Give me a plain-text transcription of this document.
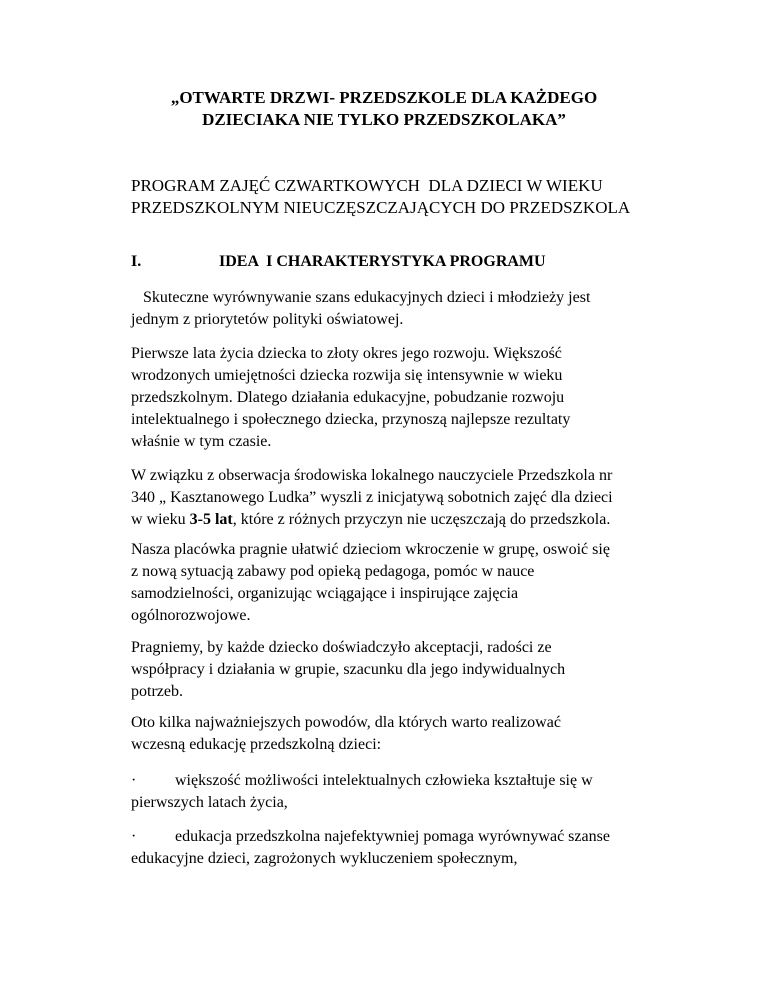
„OTWARTE DRZWI- PRZEDSZKOLE DLA KAŻDEGO
DZIECIAKA NIE TYLKO PRZEDSZKOLAKA”
PROGRAM ZAJĘĆ CZWARTKOWYCH  DLA DZIECI W WIEKU
PRZEDSZKOLNYM NIEUCZĘSZCZAJĄCYCH DO PRZEDSZKOLA
I.	IDEA  I CHARAKTERYSTYKA PROGRAMU
Skuteczne wyrównywanie szans edukacyjnych dzieci i młodzieży jest
jednym z priorytetów polityki oświatowej.
Pierwsze lata życia dziecka to złoty okres jego rozwoju. Większość
wrodzonych umiejętności dziecka rozwija się intensywnie w wieku
przedszkolnym. Dlatego działania edukacyjne, pobudzanie rozwoju
intelektualnego i społecznego dziecka, przynoszą najlepsze rezultaty
właśnie w tym czasie.
W związku z obserwacja środowiska lokalnego nauczyciele Przedszkola nr
340 „ Kasztanowego Ludka” wyszli z inicjatywą sobotnich zajęć dla dzieci
w wieku 3-5 lat, które z różnych przyczyn nie uczęszczają do przedszkola.
Nasza placówka pragnie ułatwić dzieciom wkroczenie w grupę, oswoić się
z nową sytuacją zabawy pod opieką pedagoga, pomóc w nauce
samodzielności, organizując wciągające i inspirujące zajęcia
ogólnorozwojowe.
Pragniemy, by każde dziecko doświadczyło akceptacji, radości ze
współpracy i działania w grupie, szacunku dla jego indywidualnych
potrzeb.
Oto kilka najważniejszych powodów, dla których warto realizować
wczesną edukację przedszkolną dzieci:
· większość możliwości intelektualnych człowieka kształtuje się w
pierwszych latach życia,
· edukacja przedszkolna najefektywniej pomaga wyrównywać szanse
edukacyjne dzieci, zagrożonych wykluczeniem społecznym,
